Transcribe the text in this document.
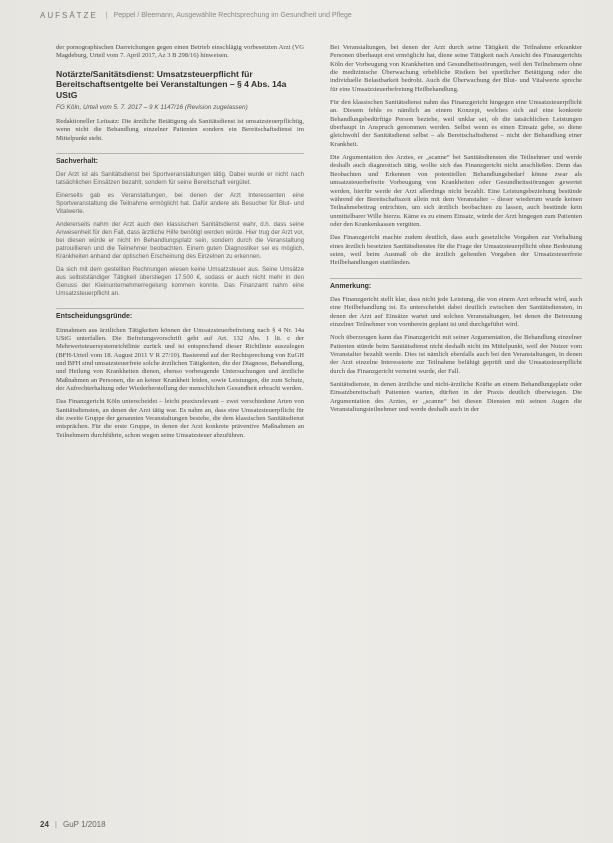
AUFSÄTZE | Peppel / Bleemann, Ausgewählte Rechtsprechung im Gesundheit und Pflege

der pornographischen Darreichungen gegen einen Betrieb einschlägig vorbesetzten Arzt (VG Magdeburg, Urteil vom 7. April 2017, Az 3 B 298/16) hinweisen.

Notärzte/Sanitätsdienst: Umsatzsteuerpflicht für Bereitschaftsentgelte bei Veranstaltungen – § 4 Abs. 14a UStG
FG Köln, Urteil vom 5. 7. 2017 – 9 K 1147/16 (Revision zugelassen)

Redaktioneller Leitsatz: Die ärztliche Betätigung als Sanitätsdienst ist umsatzsteuerpflichtig, wenn nicht die Behandlung einzelner Patienten sondern ein Bereitschaftsdienst im Mittelpunkt steht.

Sachverhalt:

Der Arzt ist als Sanitätsdienst bei Sportveranstaltungen tätig. Dabei wurde er nicht nach tatsächlichen Einsätzen bezahlt, sondern für seine Bereitschaft vergütet.

Einerseits gab es Veranstaltungen, bei denen der Arzt Interessenten eine Sportveranstaltung die Teilnahme ermöglicht hat. Dafür andere als Besucher für Blut- und Vitalwerte.

Andererseits nahm der Arzt auch den klassischen Sanitätsdienst wahr, d.h. dass seine Anwesenheit für den Fall, dass ärztliche Hilfe benötigt werden würde. Hier trug der Arzt vor, bei diesen würde er nicht im Behandlungsplatz sein, sondern durch die Veranstaltung patrouillieren und die Teilnehmer beobachten. Einem guten Diagnostiker sei es möglich, Krankheiten anhand der optischen Erscheinung des Einzelnen zu erkennen.

Da sich mit dem gestellten Rechnungen wiesen keine Umsatzsteuer aus. Seine Umsätze aus selbstständiger Tätigkeit überstiegen 17.500 €, sodass er auch nicht mehr in den Genuss der Kleinunternehmerregelung kommen konnte. Das Finanzamt nahm eine Umsatzsteuerpflicht an.

Entscheidungsgründe:

Einnahmen aus ärztlichen Tätigkeiten können der Umsatzsteuerbefreiung nach § 4 Nr. 14a UStG unterfallen. Die Befreiungsvorschrift geht auf Art. 132 Abs. 1 lit. c der Mehrwertsteuersystemrichtlinie zurück und ist entsprechend dieser Richtlinie auszulegen (BFH-Urteil vom 18. August 2011 V R 27/10). Basierend auf der Rechtsprechung von EuGH und BFH sind umsatzsteuerfreie solche ärztlichen Tätigkeiten, die der Diagnose, Behandlung, und Heilung von Krankheiten dienen, ebenso vorbeugende Untersuchungen und ärztliche Maßnahmen an Personen, die an keiner Krankheit leiden, sowie Leistungen, die zum Schutz, der Aufrechterhaltung oder Wiederherstellung der menschlichen Gesundheit erbracht werden.

Das Finanzgericht Köln unterscheidet – leicht praxisrelevant – zwei verschiedene Arten von Sanitätsdiensten, an denen der Arzt tätig war. Es nahm an, dass eine Umsatzsteuerpflicht für die zweite Gruppe der genannten Veranstaltungen bestehe, die dem klassischen Sanitätsdienst entsprächen. Für die erste Gruppe, in denen der Arzt konkrete präventive Maßnahmen an Teilnehmern durchführte, schon wegen seine Umsatzsteuer abzuführen.

Bei Veranstaltungen, bei denen der Arzt durch seine Tätigkeit die Teilnahme erkrankter Personen überhaupt erst ermöglicht hat, diene seine Tätigkeit nach Ansicht des Finanzgerichts Köln der Vorbeugung von Krankheiten und Gesundheitsstörungen, weil den Teilnehmern ohne die medizinische Überwachung erhebliche Risiken bei sportlicher Betätigung oder die individuelle Belastbarkeit bedroht. Auch die Überwachung der Blut- und Vitalwerte spreche für eine Umsatzsteuerbefreiung Heilbehandlung.

Für den klassischen Sanitätsdienst nahm das Finanzgericht hingegen eine Umsatzsteuerpflicht an. Diesem fehle es nämlich an einem Konzept, welches sich auf eine konkrete Behandlungsbedürftige Person beziehe, weil unklar sei, ob die tatsächlichen Leistungen überhaupt in Anspruch genommen werden. Selbst wenn es einen Einsatz gebe, so diene gleichwohl der Sanitätsdienst selbst – als Bereitschaftsdienst – nicht der Behandlung einer Krankheit.

Die Argumentation des Arztes, er „scanne“ bei Sanitätsdiensten die Teilnehmer und werde deshalb auch diagnostisch tätig, wollte sich das Finanzgericht nicht anschließen. Denn das Beobachten und Erkennen von potentiellen Behandlungsbedarf könne zwar als umsatzsteuerbefreite Vorbeugung von Krankheiten oder Gesundheitsstörungen gewertet werden, hierfür werde der Arzt allerdings nicht bezahlt. Eine Leistungsbeziehung bestünde während der Bereitschaftszeit allein mit dem Veranstalter – dieser wiederum wurde keinen Teilnahmebeitrag entrichten, um sich ärztlich beobachten zu lassen, auch bestünde kein unmittelbarer Wille hierzu. Käme es zu einem Einsatz, würde der Arzt hingegen zum Patienten oder den Krankenkassen vergüten.

Das Finanzgericht machte zudem deutlich, dass auch gesetzliche Vorgaben zur Vorhaltung eines ärztlich besetzten Sanitätsdienstes für die Frage der Umsatzsteuerpflicht ohne Bedeutung seien, weil beim Ausmaß ob die ärztlich geltenden Vorgaben der Umsatzsteuerfreie Heilbehandlungen stattfänden.

Anmerkung:

Das Finanzgericht stellt klar, dass nicht jede Leistung, die von einem Arzt erbracht wird, auch eine Heilbehandlung ist. Es unterscheidet dabei deutlich zwischen den Sanitätsdiensten, in denen der Arzt auf Einsätze wartet und solchen Veranstaltungen, bei denen die Betreuung einzelner Teilnehmer von vornherein geplant ist und durchgeführt wird.

Noch überzeugen kann das Finanzgericht mit seiner Argumentation, die Behandlung einzelner Patienten stünde beim Sanitätsdienst nicht deshalb nicht im Mittelpunkt, weil der Nutzer vom Veranstalter bezahlt werde. Dies ist nämlich ebenfalls auch bei den Veranstaltungen, in denen der Arzt einzelne Interessierte zur Teilnahme befähigt geprüft und die Umsatzsteuerpflicht durch das Finanzgericht verneint wurde, der Fall.

Sanitätsdienste, in denen ärztliche und nicht-ärztliche Kräfte an einem Behandlungsplatz oder Einsatzbereitschaft Patienten warten, dürften in der Praxis deutlich überwiegen. Die Argumentation des Arztes, er „scanne“ bei diesen Diensten mit seinen Augen die Veranstaltungsteilnehmer und werde deshalb auch in der

24 | GuP 1/2018
